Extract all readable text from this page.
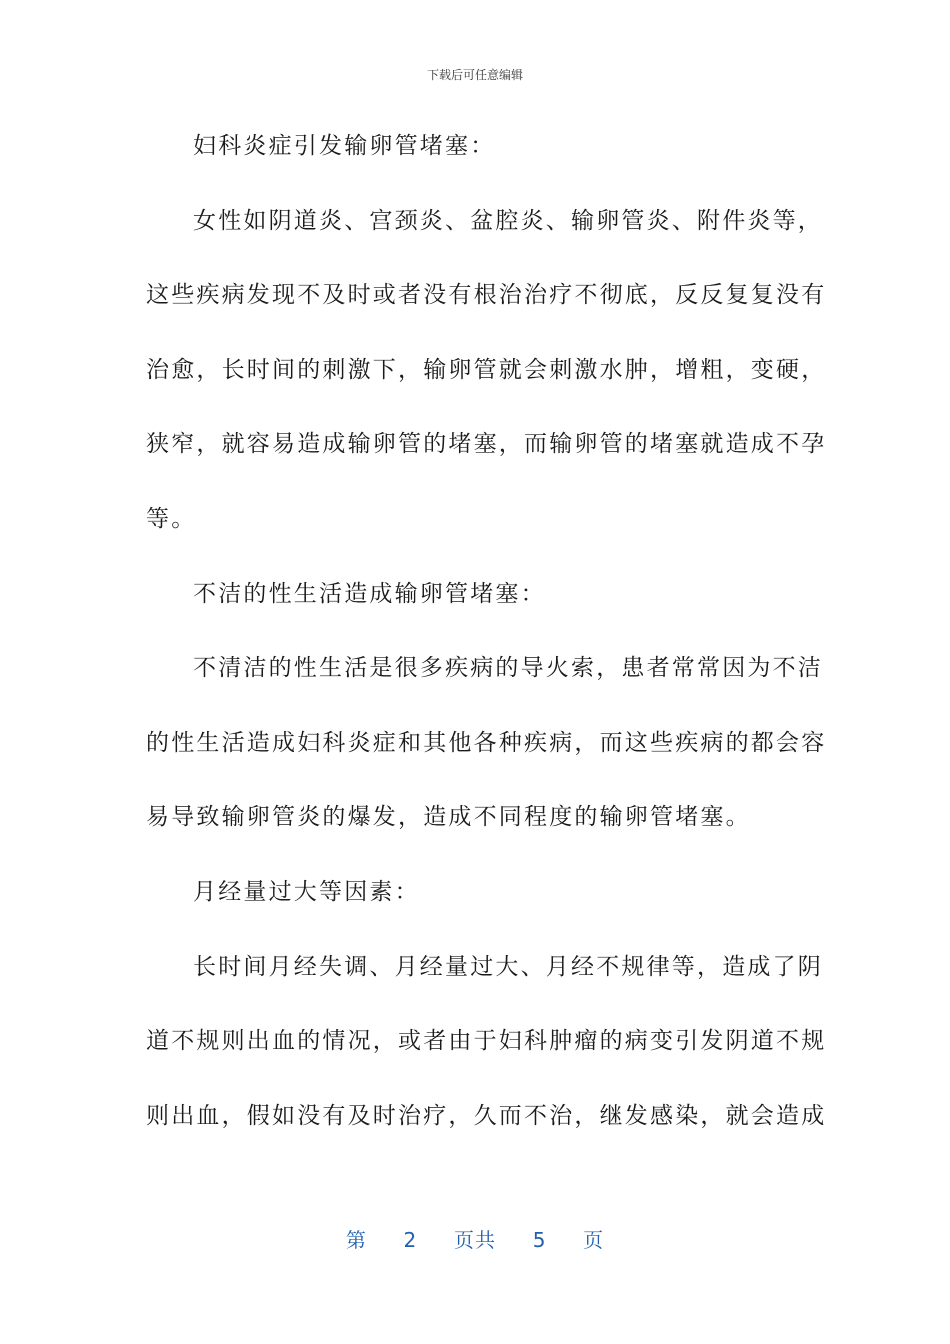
下载后可任意编辑
妇科炎症引发输卵管堵塞：
女性如阴道炎、宫颈炎、盆腔炎、输卵管炎、附件炎等，
这些疾病发现不及时或者没有根治治疗不彻底，反反复复没有
治愈，长时间的刺激下，输卵管就会刺激水肿，增粗，变硬，
狭窄，就容易造成输卵管的堵塞，而输卵管的堵塞就造成不孕
等。
不洁的性生活造成输卵管堵塞：
不清洁的性生活是很多疾病的导火索，患者常常因为不洁
的性生活造成妇科炎症和其他各种疾病，而这些疾病的都会容
易导致输卵管炎的爆发，造成不同程度的输卵管堵塞。
月经量过大等因素：
长时间月经失调、月经量过大、月经不规律等，造成了阴
道不规则出血的情况，或者由于妇科肿瘤的病变引发阴道不规
则出血，假如没有及时治疗，久而不治，继发感染，就会造成
第 2 页共 5 页
